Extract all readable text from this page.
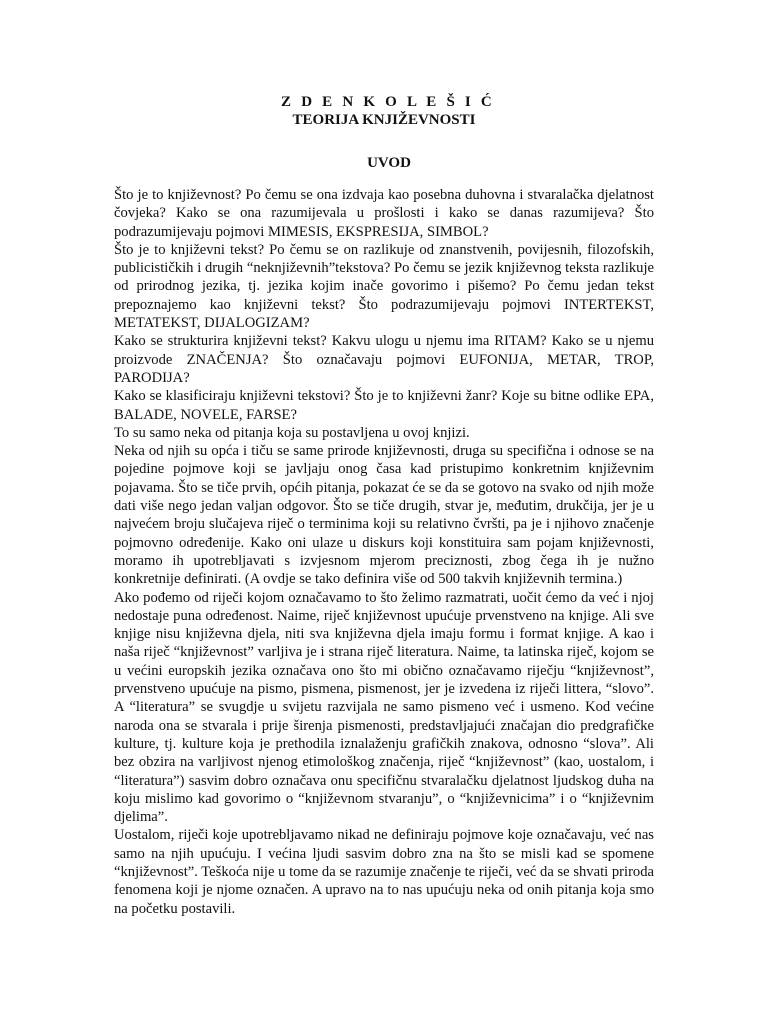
Z D E N K O L E Š I Ć
TEORIJA KNJIŽEVNOSTI
UVOD

Što je to književnost? Po čemu se ona izdvaja kao posebna duhovna i stvaralačka djelatnost čovjeka? Kako se ona razumijevala u prošlosti i kako se danas razumijeva? Što podrazumijevaju pojmovi MIMESIS, EKSPRESIJA, SIMBOL?

Što je to književni tekst? Po čemu se on razlikuje od znanstvenih, povijesnih, filozofskih, publicističkih i drugih “neknjiževnih”tekstova? Po čemu se jezik književnog teksta razlikuje od prirodnog jezika, tj. jezika kojim inače govorimo i pišemo? Po čemu jedan tekst prepoznajemo kao književni tekst? Što podrazumijevaju pojmovi INTERTEKST, METATEKST, DIJALOGIZAM?

Kako se strukturira književni tekst? Kakvu ulogu u njemu ima RITAM? Kako se u njemu proizvode ZNAČENJA? Što označavaju pojmovi EUFONIJA, METAR, TROP, PARODIJA?

Kako se klasificiraju književni tekstovi? Što je to književni žanr? Koje su bitne odlike EPA, BALADE, NOVELE, FARSE?

To su samo neka od pitanja koja su postavljena u ovoj knjizi.

Neka od njih su opća i tiču se same prirode književnosti, druga su specifična i odnose se na pojedine pojmove koji se javljaju onog časa kad pristupimo konkretnim književnim pojavama. Što se tiče prvih, općih pitanja, pokazat će se da se gotovo na svako od njih može dati više nego jedan valjan odgovor. Što se tiče drugih, stvar je, međutim, drukčija, jer je u najvećem broju slučajeva riječ o terminima koji su relativno čvršti, pa je i njihovo značenje pojmovno određenije. Kako oni ulaze u diskurs koji konstituira sam pojam književnosti, moramo ih upotrebljavati s izvjesnom mjerom preciznosti, zbog čega ih je nužno konkretnije definirati. (A ovdje se tako definira više od 500 takvih književnih termina.)

Ako pođemo od riječi kojom označavamo to što želimo razmatrati, uočit ćemo da već i njoj nedostaje puna određenost. Naime, riječ književnost upućuje prvenstveno na knjige. Ali sve knjige nisu književna djela, niti sva književna djela imaju formu i format knjige. A kao i naša riječ “književnost” varljiva je i strana riječ literatura. Naime, ta latinska riječ, kojom se u većini europskih jezika označava ono što mi obično označavamo riječju “književnost”, prvenstveno upućuje na pismo, pismena, pismenost, jer je izvedena iz riječi littera, “slovo”. A “literatura” se svugdje u svijetu razvijala ne samo pismeno već i usmeno. Kod većine naroda ona se stvarala i prije širenja pismenosti, predstavljajući značajan dio predgrafičke kulture, tj. kulture koja je prethodila iznalaženju grafičkih znakova, odnosno “slova”. Ali bez obzira na varljivost njenog etimološkog značenja, riječ “književnost” (kao, uostalom, i “literatura”) sasvim dobro označava onu specifičnu stvaralačku djelatnost ljudskog duha na koju mislimo kad govorimo o “književnom stvaranju”, o “književnicima” i o “književnim djelima”.

Uostalom, riječi koje upotrebljavamo nikad ne definiraju pojmove koje označavaju, već nas samo na njih upućuju. I većina ljudi sasvim dobro zna na što se misli kad se spomene “književnost”. Teškoća nije u tome da se razumije značenje te riječi, već da se shvati priroda fenomena koji je njome označen. A upravo na to nas upućuju neka od onih pitanja koja smo na početku postavili.
